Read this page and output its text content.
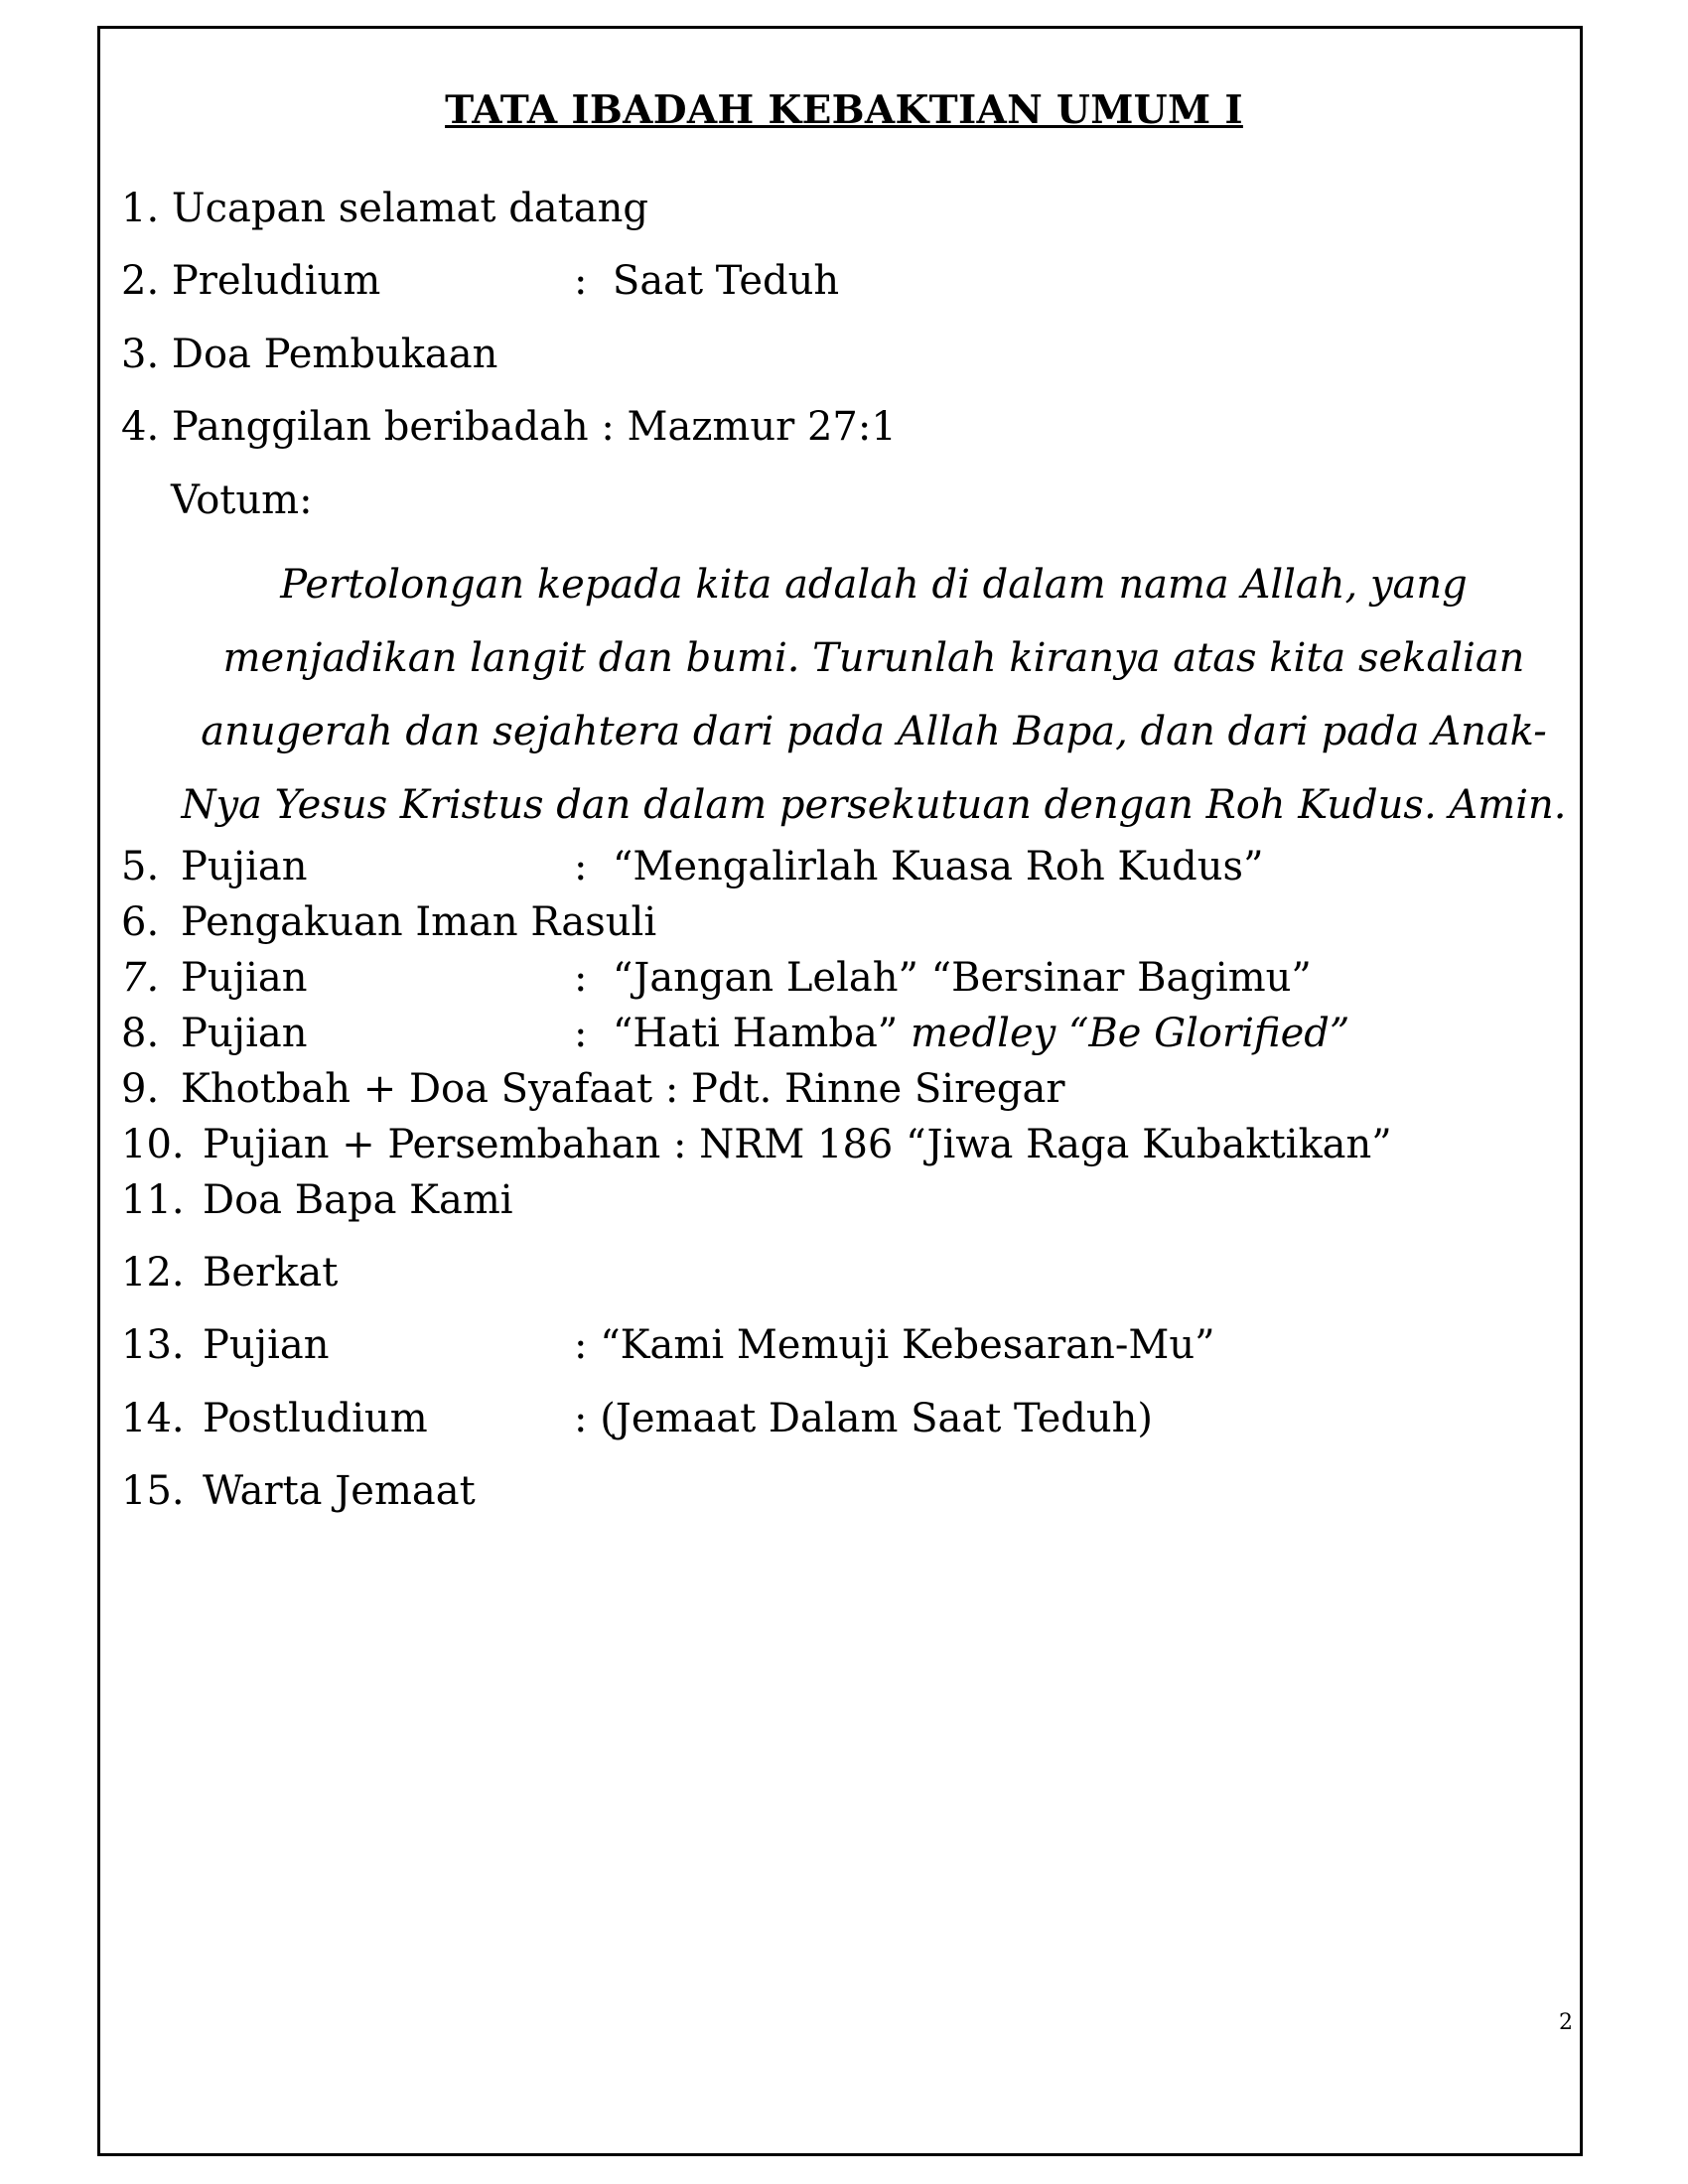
TATA IBADAH KEBAKTIAN UMUM I
1. Ucapan selamat datang
2. Preludium	: Saat Teduh
3. Doa Pembukaan
4. Panggilan beribadah : Mazmur 27:1
Votum:
Pertolongan kepada kita adalah di dalam nama Allah, yang
menjadikan langit dan bumi. Turunlah kiranya atas kita sekalian
anugerah dan sejahtera dari pada Allah Bapa, dan dari pada Anak-
Nya Yesus Kristus dan dalam persekutuan dengan Roh Kudus. Amin.
5. Pujian	: “Mengalirlah Kuasa Roh Kudus”
6. Pengakuan Iman Rasuli
7. Pujian	: “Jangan Lelah” “Bersinar Bagimu”
8. Pujian	: “Hati Hamba” medley “Be Glorified”
9. Khotbah + Doa Syafaat : Pdt. Rinne Siregar
10. Pujian + Persembahan : NRM 186 “Jiwa Raga Kubaktikan”
11. Doa Bapa Kami
12. Berkat
13. Pujian	: “Kami Memuji Kebesaran-Mu”
14. Postludium	: (Jemaat Dalam Saat Teduh)
15. Warta Jemaat
2
